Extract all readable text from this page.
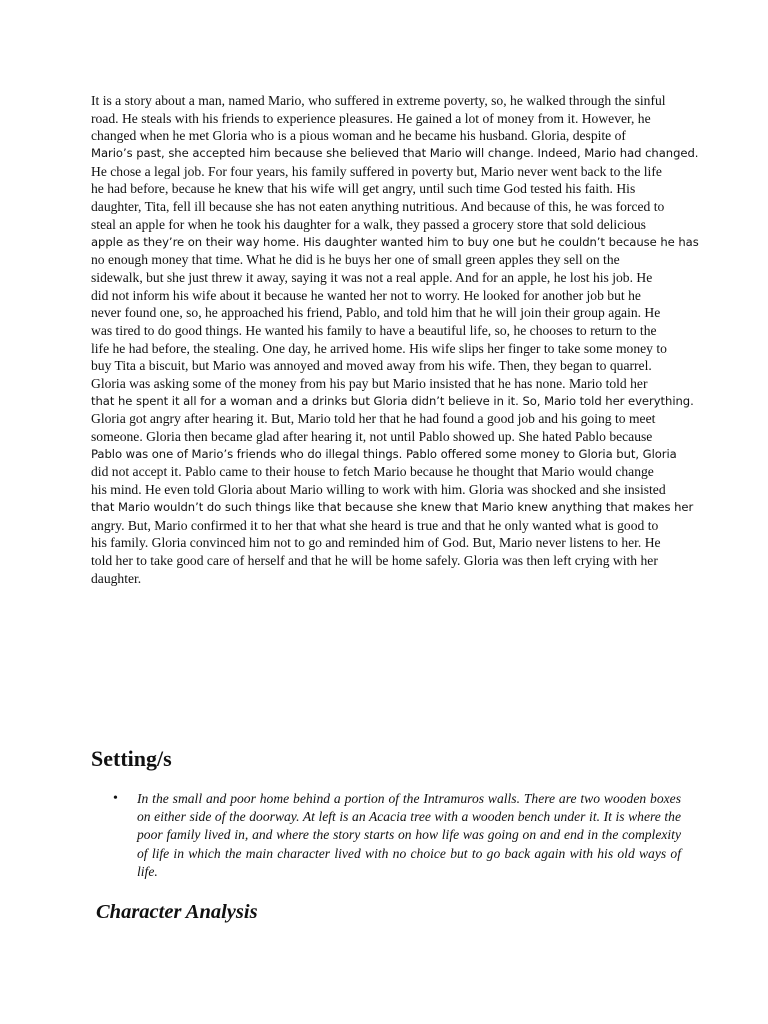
It is a story about a man, named Mario, who suffered in extreme poverty, so, he walked through the sinful
road. He steals with his friends to experience pleasures. He gained a lot of money from it. However, he
changed when he met Gloria who is a pious woman and he became his husband. Gloria, despite of
Mario’s past, she accepted him because she believed that Mario will change. Indeed, Mario had changed.
He chose a legal job. For four years, his family suffered in poverty but, Mario never went back to the life
he had before, because he knew that his wife will get angry, until such time God tested his faith. His
daughter, Tita, fell ill because she has not eaten anything nutritious. And because of this, he was forced to
steal an apple for when he took his daughter for a walk, they passed a grocery store that sold delicious
apple as they’re on their way home. His daughter wanted him to buy one but he couldn’t because he has
no enough money that time. What he did is he buys her one of small green apples they sell on the
sidewalk, but she just threw it away, saying it was not a real apple. And for an apple, he lost his job. He
did not inform his wife about it because he wanted her not to worry. He looked for another job but he
never found one, so, he approached his friend, Pablo, and told him that he will join their group again. He
was tired to do good things. He wanted his family to have a beautiful life, so, he chooses to return to the
life he had before, the stealing. One day, he arrived home. His wife slips her finger to take some money to
buy Tita a biscuit, but Mario was annoyed and moved away from his wife. Then, they began to quarrel.
Gloria was asking some of the money from his pay but Mario insisted that he has none. Mario told her
that he spent it all for a woman and a drinks but Gloria didn’t believe in it. So, Mario told her everything.
Gloria got angry after hearing it. But, Mario told her that he had found a good job and his going to meet
someone. Gloria then became glad after hearing it, not until Pablo showed up. She hated Pablo because
Pablo was one of Mario’s friends who do illegal things. Pablo offered some money to Gloria but, Gloria
did not accept it. Pablo came to their house to fetch Mario because he thought that Mario would change
his mind. He even told Gloria about Mario willing to work with him. Gloria was shocked and she insisted
that Mario wouldn’t do such things like that because she knew that Mario knew anything that makes her
angry. But, Mario confirmed it to her that what she heard is true and that he only wanted what is good to
his family. Gloria convinced him not to go and reminded him of God. But, Mario never listens to her. He
told her to take good care of herself and that he will be home safely. Gloria was then left crying with her
daughter.
Setting/s
• In the small and poor home behind a portion of the Intramuros walls. There are two wooden boxes on either side of the doorway. At left is an Acacia tree with a wooden bench under it. It is where the poor family lived in, and where the story starts on how life was going on and end in the complexity of life in which the main character lived with no choice but to go back again with his old ways of life.
Character Analysis
